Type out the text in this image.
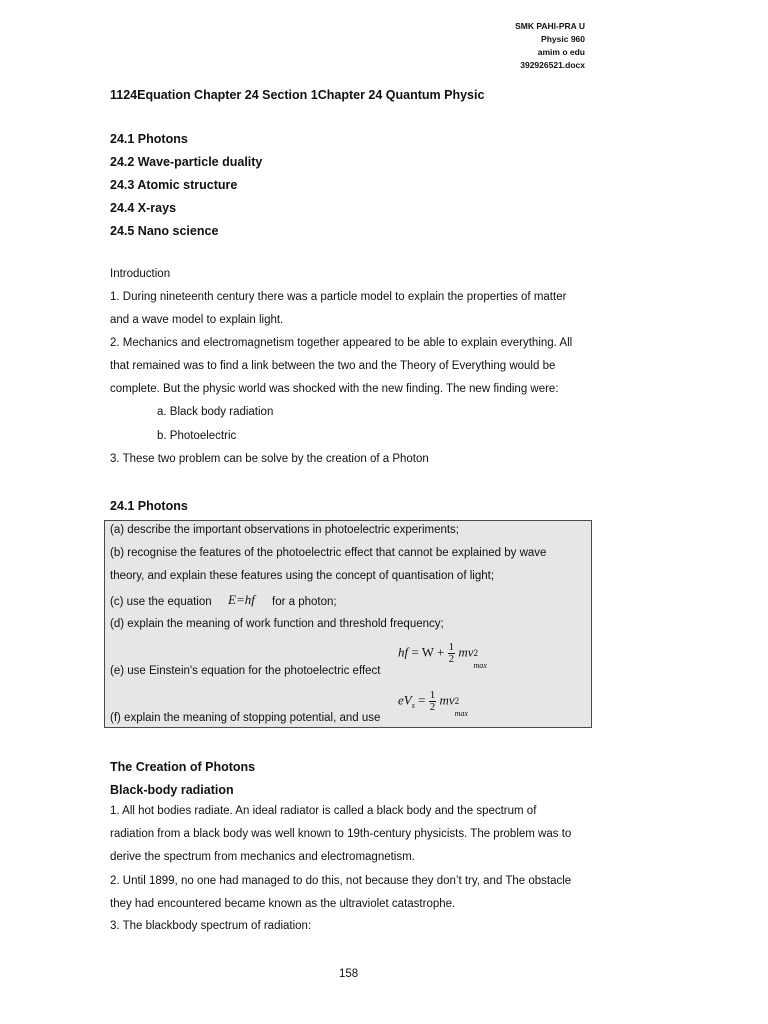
SMK PAHI-PRA U
Physic 960
amim o edu
392926521.docx
1124Equation Chapter 24 Section 1Chapter 24 Quantum Physic
24.1 Photons
24.2 Wave-particle duality
24.3 Atomic structure
24.4 X-rays
24.5 Nano science
Introduction
1. During nineteenth century there was a particle model to explain the properties of matter
and a wave model to explain light.
2. Mechanics and electromagnetism together appeared to be able to explain everything. All
that remained was to find a link between the two and the Theory of Everything would be
complete. But the physic world was shocked with the new finding. The new finding were:
a. Black body radiation
b. Photoelectric
3. These two problem can be solve by the creation of a Photon
24.1 Photons
(a) describe the important observations in photoelectric experiments;
(b) recognise the features of the photoelectric effect that cannot be explained by wave
theory, and explain these features using the concept of quantisation of light;
(c) use the equation E=hf for a photon;
(d) explain the meaning of work function and threshold frequency;
(e) use Einstein's equation for the photoelectric effect
hf = $W + \frac{1}{2}$ mv 2
max
(f) explain the meaning of stopping potential, and use
$eV_s = \frac{1}{2}$ mv 2
max
The Creation of Photons
Black-body radiation
1. All hot bodies radiate. An ideal radiator is called a black body and the spectrum of
radiation from a black body was well known to 19th-century physicists. The problem was to
derive the spectrum from mechanics and electromagnetism.
2. Until 1899, no one had managed to do this, not because they don’t try, and The obstacle
they had encountered became known as the ultraviolet catastrophe.
3. The blackbody spectrum of radiation:
158
